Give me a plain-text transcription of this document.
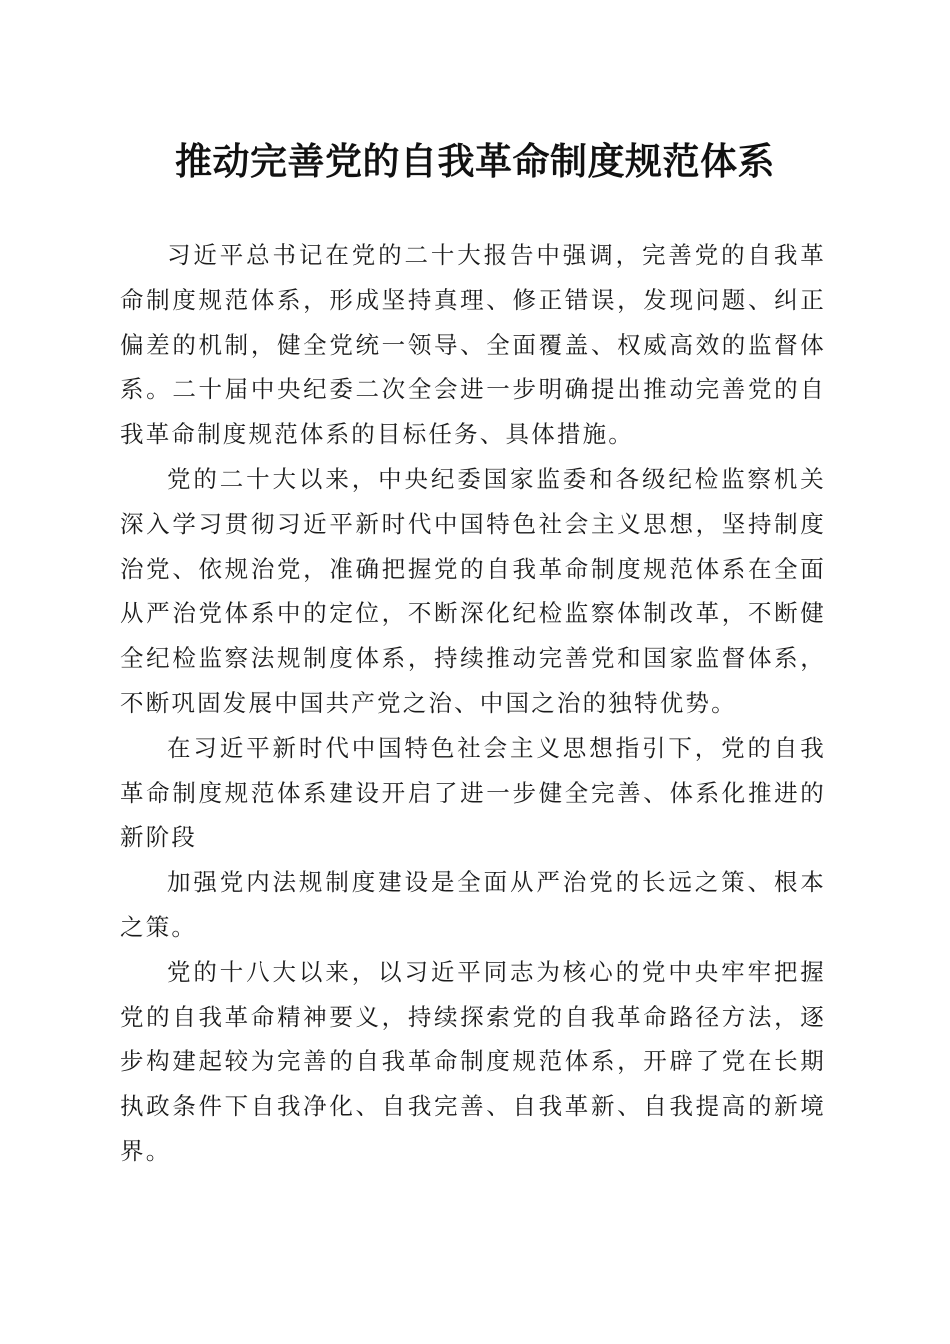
推动完善党的自我革命制度规范体系

习近平总书记在党的二十大报告中强调，完善党的自我革命制度规范体系，形成坚持真理、修正错误，发现问题、纠正偏差的机制，健全党统一领导、全面覆盖、权威高效的监督体系。二十届中央纪委二次全会进一步明确提出推动完善党的自我革命制度规范体系的目标任务、具体措施。

党的二十大以来，中央纪委国家监委和各级纪检监察机关深入学习贯彻习近平新时代中国特色社会主义思想，坚持制度治党、依规治党，准确把握党的自我革命制度规范体系在全面从严治党体系中的定位，不断深化纪检监察体制改革，不断健全纪检监察法规制度体系，持续推动完善党和国家监督体系，不断巩固发展中国共产党之治、中国之治的独特优势。

在习近平新时代中国特色社会主义思想指引下，党的自我革命制度规范体系建设开启了进一步健全完善、体系化推进的新阶段

加强党内法规制度建设是全面从严治党的长远之策、根本之策。

党的十八大以来，以习近平同志为核心的党中央牢牢把握党的自我革命精神要义，持续探索党的自我革命路径方法，逐步构建起较为完善的自我革命制度规范体系，开辟了党在长期执政条件下自我净化、自我完善、自我革新、自我提高的新境界。
